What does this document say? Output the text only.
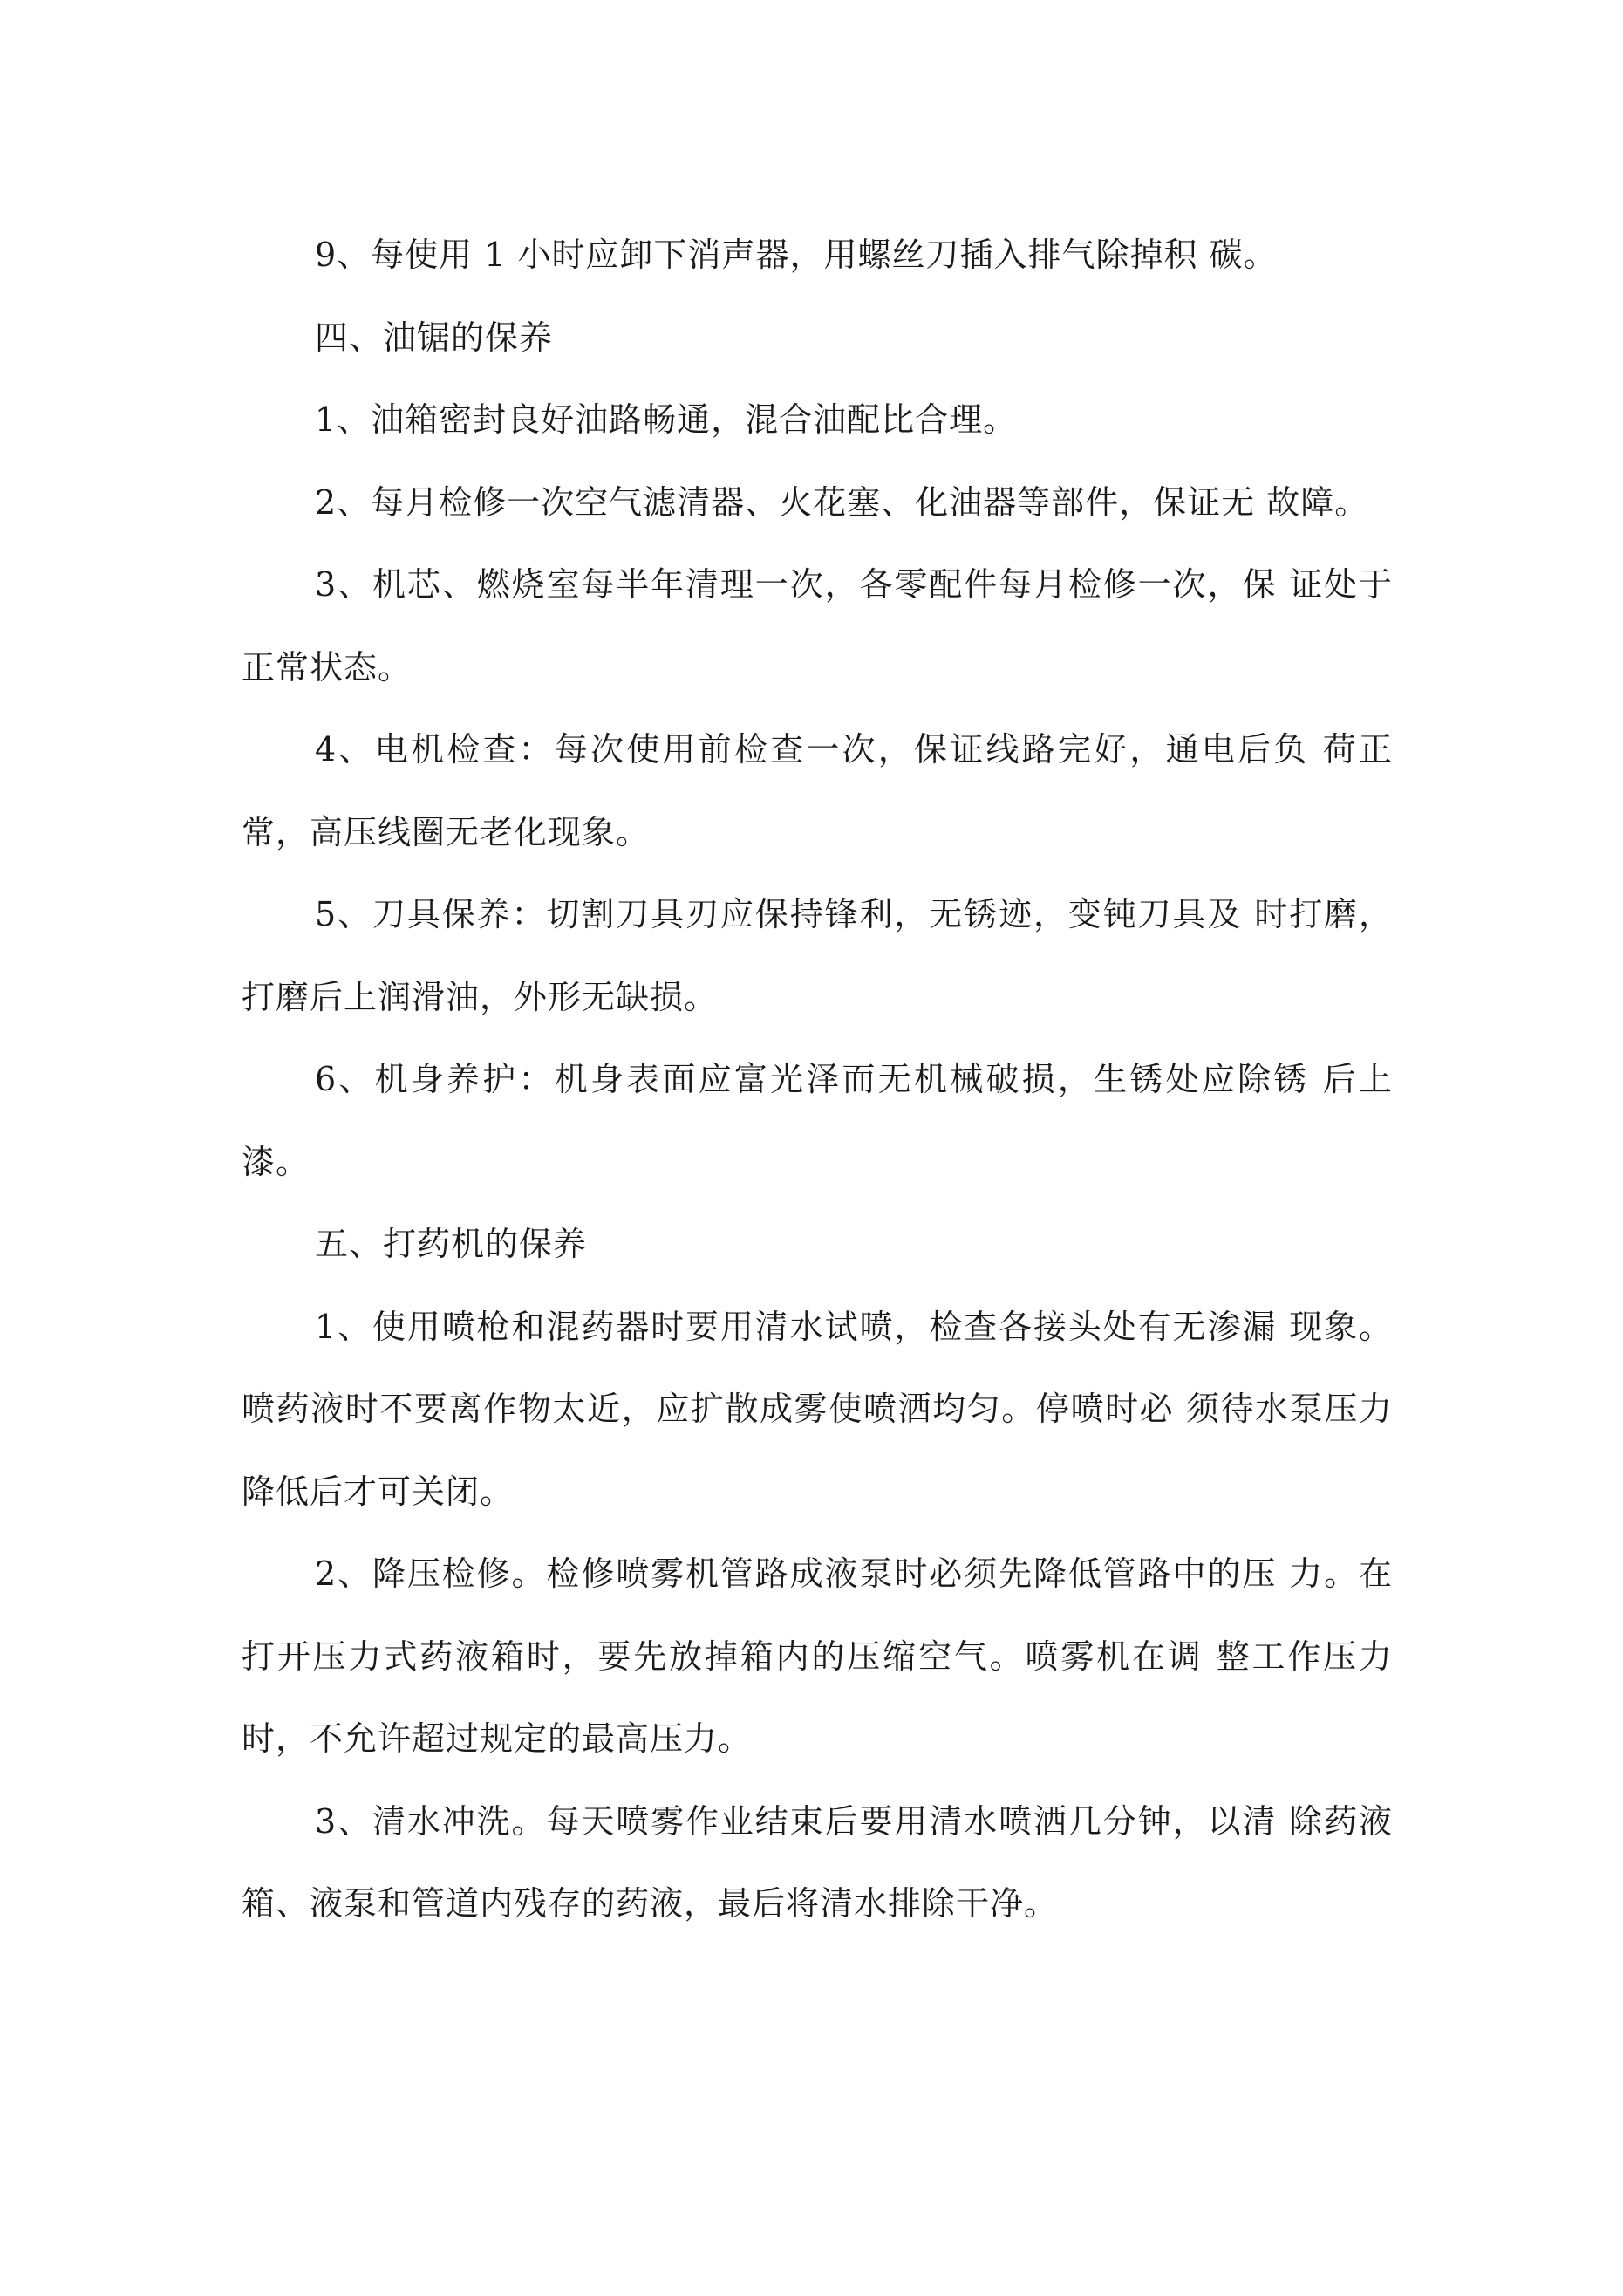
9、每使用 1 小时应卸下消声器，用螺丝刀插入排气除掉积 碳。

四、油锯的保养

1、油箱密封良好油路畅通，混合油配比合理。

2、每月检修一次空气滤清器、火花塞、化油器等部件，保证无 故障。

3、机芯、燃烧室每半年清理一次，各零配件每月检修一次，保 证处于正常状态。

4、电机检查：每次使用前检查一次，保证线路完好，通电后负 荷正常，高压线圈无老化现象。

5、刀具保养：切割刀具刃应保持锋利，无锈迹，变钝刀具及 时打磨，打磨后上润滑油，外形无缺损。

6、机身养护：机身表面应富光泽而无机械破损，生锈处应除锈 后上漆。

五、打药机的保养

1、使用喷枪和混药器时要用清水试喷，检查各接头处有无渗漏 现象。喷药液时不要离作物太近，应扩散成雾使喷洒均匀。停喷时必 须待水泵压力降低后才可关闭。

2、降压检修。检修喷雾机管路成液泵时必须先降低管路中的压 力。在打开压力式药液箱时，要先放掉箱内的压缩空气。喷雾机在调 整工作压力时，不允许超过规定的最高压力。

3、清水冲洗。每天喷雾作业结束后要用清水喷洒几分钟，以清 除药液箱、液泵和管道内残存的药液，最后将清水排除干净。
